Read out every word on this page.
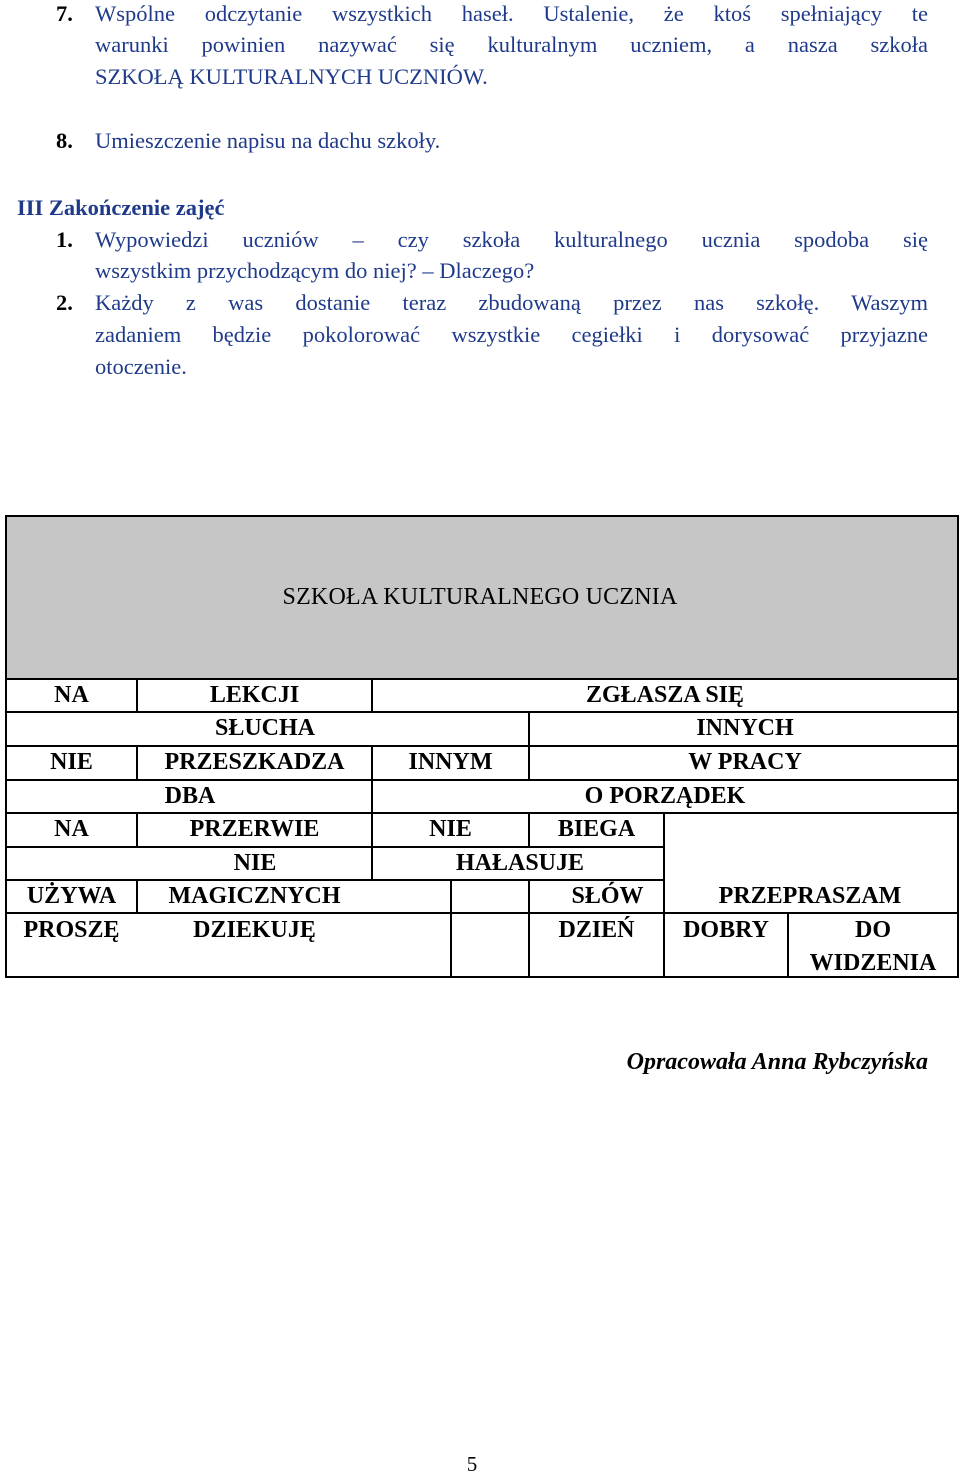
7. Wspólne odczytanie wszystkich haseł. Ustalenie, że ktoś spełniający te
warunki powinien nazywać się kulturalnym uczniem, a nasza szkoła
SZKOŁĄ KULTURALNYCH UCZNIÓW.
8. Umieszczenie napisu na dachu szkoły.
III Zakończenie zajęć
1. Wypowiedzi uczniów – czy szkoła kulturalnego ucznia spodoba się
wszystkim przychodzącym do niej? – Dlaczego?
2. Każdy z was dostanie teraz zbudowaną przez nas szkołę. Waszym
zadaniem będzie pokolorować wszystkie cegiełki i dorysować przyjazne
otoczenie.
SZKOŁA KULTURALNEGO UCZNIA
NA	LEKCJI	ZGŁASZA SIĘ
SŁUCHA	INNYCH
NIE	PRZESZKADZA	INNYM	W PRACY
DBA	O PORZĄDEK
NA	PRZERWIE	NIE	BIEGA
NIE	HAŁASUJE
UŻYWA	MAGICZNYCH	SŁÓW	PRZEPRASZAM
PROSZĘ	DZIEKUJĘ	DZIEŃ	DOBRY	DO
WIDZENIA
Opracowała Anna Rybczyńska
5
